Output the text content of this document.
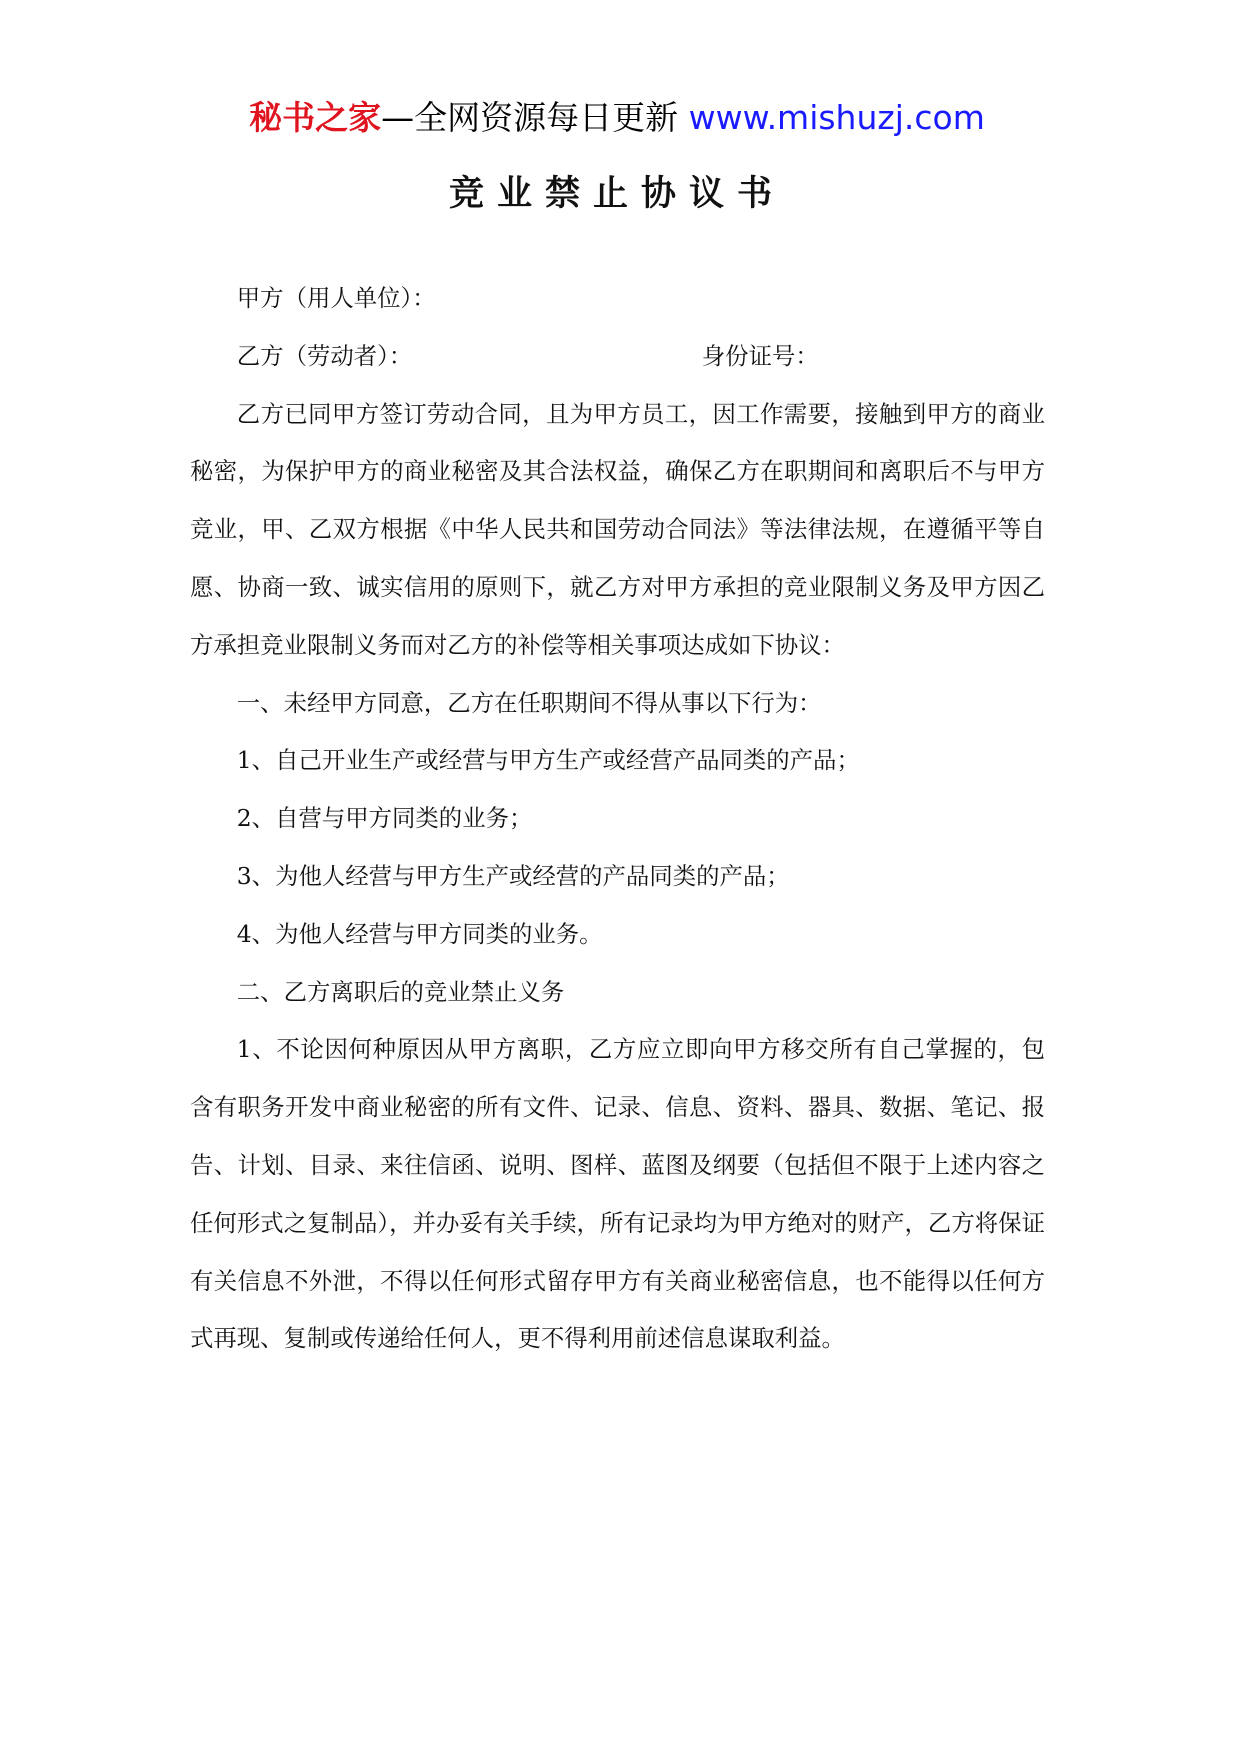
秘书之家—全网资源每日更新 www.mishuzj.com
竞业禁止协议书

甲方（用人单位）：

乙方（劳动者）：	身份证号：

乙方已同甲方签订劳动合同，且为甲方员工，因工作需要，接触到甲方的商业秘密，为保护甲方的商业秘密及其合法权益，确保乙方在职期间和离职后不与甲方竞业，甲、乙双方根据《中华人民共和国劳动合同法》等法律法规，在遵循平等自愿、协商一致、诚实信用的原则下，就乙方对甲方承担的竞业限制义务及甲方因乙方承担竞业限制义务而对乙方的补偿等相关事项达成如下协议：

一、未经甲方同意，乙方在任职期间不得从事以下行为：

1、自己开业生产或经营与甲方生产或经营产品同类的产品；

2、自营与甲方同类的业务；

3、为他人经营与甲方生产或经营的产品同类的产品；

4、为他人经营与甲方同类的业务。

二、乙方离职后的竞业禁止义务

1、不论因何种原因从甲方离职，乙方应立即向甲方移交所有自己掌握的，包含有职务开发中商业秘密的所有文件、记录、信息、资料、器具、数据、笔记、报告、计划、目录、来往信函、说明、图样、蓝图及纲要（包括但不限于上述内容之任何形式之复制品），并办妥有关手续，所有记录均为甲方绝对的财产，乙方将保证有关信息不外泄，不得以任何形式留存甲方有关商业秘密信息，也不能得以任何方式再现、复制或传递给任何人，更不得利用前述信息谋取利益。
